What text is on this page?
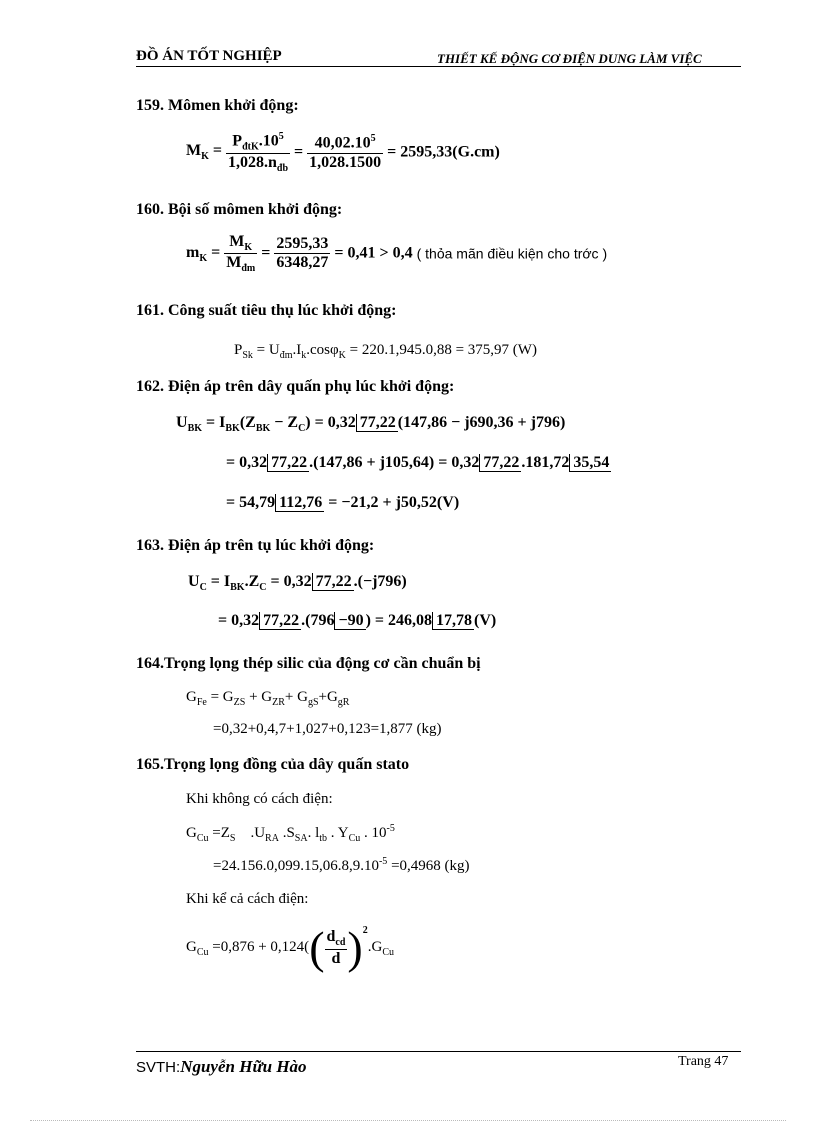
ĐỒ ÁN TỐT NGHIỆP	THIẾT KẾ ĐỘNG CƠ ĐIỆN DUNG LÀM VIỆC
159. Mômen khởi động:
$M_K = \frac{P_{đtK}.10^5}{1,028.n_{đb}} = \frac{40,02.10^5}{1,028.1500} = 2595,33(G.cm)$
160. Bội số mômen khởi động:
$m_K = \frac{M_K}{M_{đm}} = \frac{2595,33}{6348,27} = 0,41 > 0,4$ ( thỏa mãn điều kiện cho trớc )
161. Công suất tiêu thụ lúc khởi động:
$P_{Sk} = U_{đm}.I_k.\cos\varphi_K = 220.1,945.0,88 = 375,97$ (W)
162. Điện áp trên dây quấn phụ lúc khởi động:
$U_{BK} = I_{BK}(Z_{BK} - Z_C) = 0,32$ 77,22 (147,86 − j690,36 + j796)
= 0,32 77,22 .(147,86 + j105,64) = 0,32 77,22 .181,72 35,54
= 54,79 112,76 = −21,2 + j50,52(V)
163. Điện áp trên tụ lúc khởi động:
$U_C = I_{BK}.Z_C = 0,32$ 77,22 .(−j796)
= 0,32 77,22 .(796 −90 ) = 246,08 17,78 (V)
164.Trọng lọng thép silic của động cơ cần chuẩn bị
$G_{Fe} = G_{ZS} + G_{ZR}+ G_{gS}+G_{gR}$
=0,32+0,4,7+1,027+0,123=1,877 (kg)
165.Trọng lọng đồng của dây quấn stato
Khi không có cách điện:
$G_{Cu} =Z_S$    $.U_{RA}$ $.S_{SA}$. $l_{tb}$ . $Y_{Cu}$ . $10^{-5}$
$=24.156.0,099.15,06.8,9.10^{-5} =0,4968$ (kg)
Khi kể cả cách điện:
$G_{Cu} =0,876 + 0,124(( \frac{d_{cd}}{d} )^2.G_{Cu}$
SVTH:Nguyễn Hữu Hào	Trang 47
